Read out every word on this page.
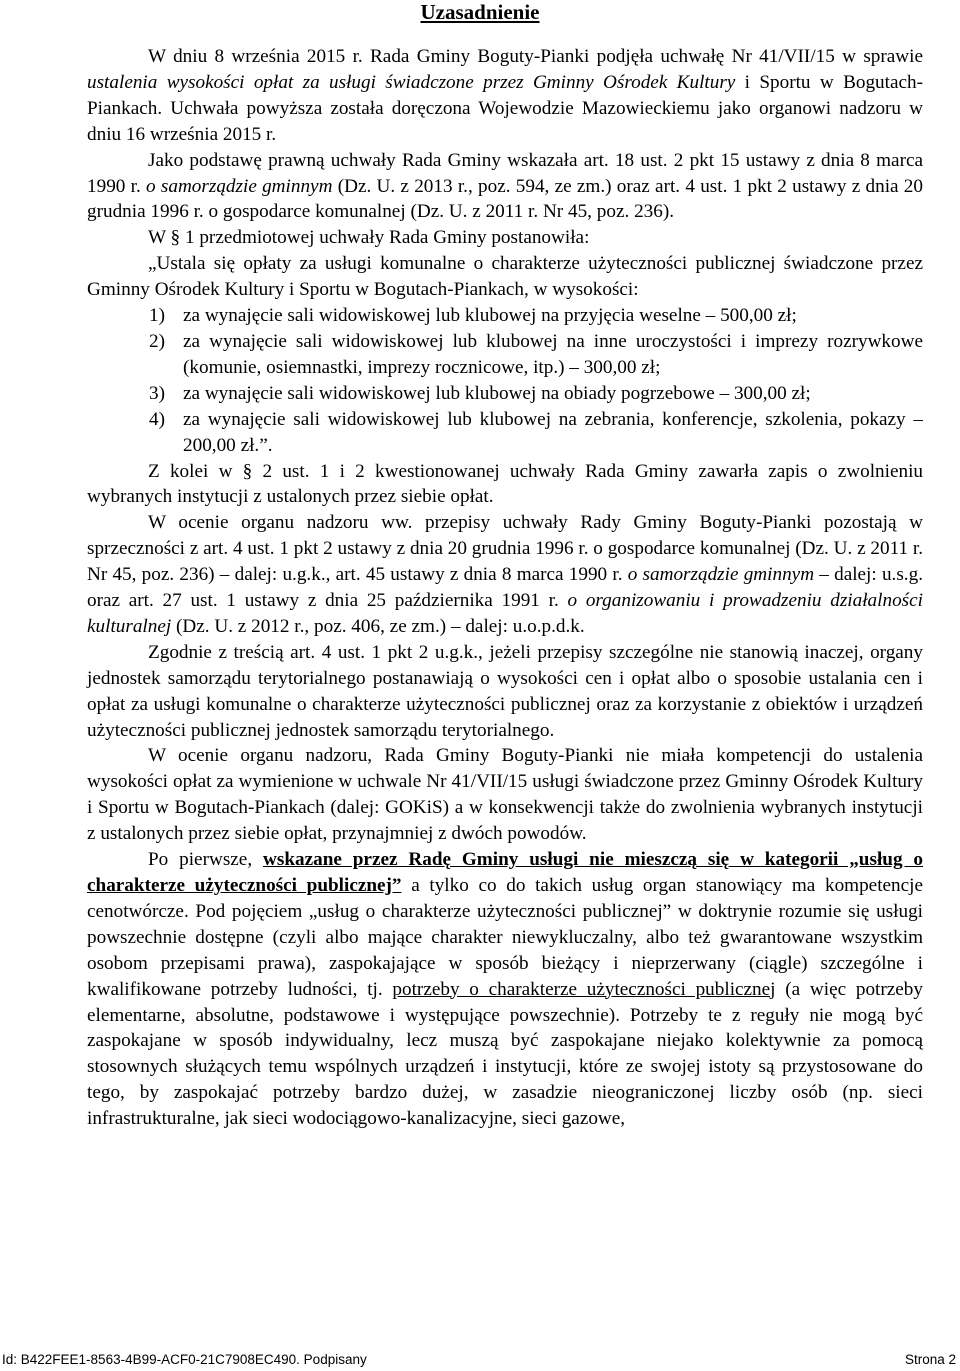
Uzasadnienie

W dniu 8 września 2015 r. Rada Gminy Boguty-Pianki podjęła uchwałę Nr 41/VII/15 w sprawie ustalenia wysokości opłat za usługi świadczone przez Gminny Ośrodek Kultury i Sportu w Bogutach-Piankach. Uchwała powyższa została doręczona Wojewodzie Mazowieckiemu jako organowi nadzoru w dniu 16 września 2015 r.

Jako podstawę prawną uchwały Rada Gminy wskazała art. 18 ust. 2 pkt 15 ustawy z dnia 8 marca 1990 r. o samorządzie gminnym (Dz. U. z 2013 r., poz. 594, ze zm.) oraz art. 4 ust. 1 pkt 2 ustawy z dnia 20 grudnia 1996 r. o gospodarce komunalnej (Dz. U. z 2011 r. Nr 45, poz. 236).

W § 1 przedmiotowej uchwały Rada Gminy postanowiła:

„Ustala się opłaty za usługi komunalne o charakterze użyteczności publicznej świadczone przez Gminny Ośrodek Kultury i Sportu w Bogutach-Piankach, w wysokości:

1) za wynajęcie sali widowiskowej lub klubowej na przyjęcia weselne – 500,00 zł;
2) za wynajęcie sali widowiskowej lub klubowej na inne uroczystości i imprezy rozrywkowe (komunie, osiemnastki, imprezy rocznicowe, itp.) – 300,00 zł;
3) za wynajęcie sali widowiskowej lub klubowej na obiady pogrzebowe – 300,00 zł;
4) za wynajęcie sali widowiskowej lub klubowej na zebrania, konferencje, szkolenia, pokazy – 200,00 zł.”.

Z kolei w § 2 ust. 1 i 2 kwestionowanej uchwały Rada Gminy zawarła zapis o zwolnieniu wybranych instytucji z ustalonych przez siebie opłat.

W ocenie organu nadzoru ww. przepisy uchwały Rady Gminy Boguty-Pianki pozostają w sprzeczności z art. 4 ust. 1 pkt 2 ustawy z dnia 20 grudnia 1996 r. o gospodarce komunalnej (Dz. U. z 2011 r. Nr 45, poz. 236) – dalej: u.g.k., art. 45 ustawy z dnia 8 marca 1990 r. o samorządzie gminnym – dalej: u.s.g. oraz art. 27 ust. 1 ustawy z dnia 25 października 1991 r. o organizowaniu i prowadzeniu działalności kulturalnej (Dz. U. z 2012 r., poz. 406, ze zm.) – dalej: u.o.p.d.k.

Zgodnie z treścią art. 4 ust. 1 pkt 2 u.g.k., jeżeli przepisy szczególne nie stanowią inaczej, organy jednostek samorządu terytorialnego postanawiają o wysokości cen i opłat albo o sposobie ustalania cen i opłat za usługi komunalne o charakterze użyteczności publicznej oraz za korzystanie z obiektów i urządzeń użyteczności publicznej jednostek samorządu terytorialnego.

W ocenie organu nadzoru, Rada Gminy Boguty-Pianki nie miała kompetencji do ustalenia wysokości opłat za wymienione w uchwale Nr 41/VII/15 usługi świadczone przez Gminny Ośrodek Kultury i Sportu w Bogutach-Piankach (dalej: GOKiS) a w konsekwencji także do zwolnienia wybranych instytucji z ustalonych przez siebie opłat, przynajmniej z dwóch powodów.

Po pierwsze, wskazane przez Radę Gminy usługi nie mieszczą się w kategorii „usług o charakterze użyteczności publicznej” a tylko co do takich usług organ stanowiący ma kompetencje cenotwórcze. Pod pojęciem „usług o charakterze użyteczności publicznej” w doktrynie rozumie się usługi powszechnie dostępne (czyli albo mające charakter niewykluczalny, albo też gwarantowane wszystkim osobom przepisami prawa), zaspokajające w sposób bieżący i nieprzerwany (ciągle) szczególne i kwalifikowane potrzeby ludności, tj. potrzeby o charakterze użyteczności publicznej (a więc potrzeby elementarne, absolutne, podstawowe i występujące powszechnie). Potrzeby te z reguły nie mogą być zaspokajane w sposób indywidualny, lecz muszą być zaspokajane niejako kolektywnie za pomocą stosownych służących temu wspólnych urządzeń i instytucji, które ze swojej istoty są przystosowane do tego, by zaspokajać potrzeby bardzo dużej, w zasadzie nieograniczonej liczby osób (np. sieci infrastrukturalne, jak sieci wodociągowo-kanalizacyjne, sieci gazowe,

Id: B422FEE1-8563-4B99-ACF0-21C7908EC490. Podpisany	Strona 2
